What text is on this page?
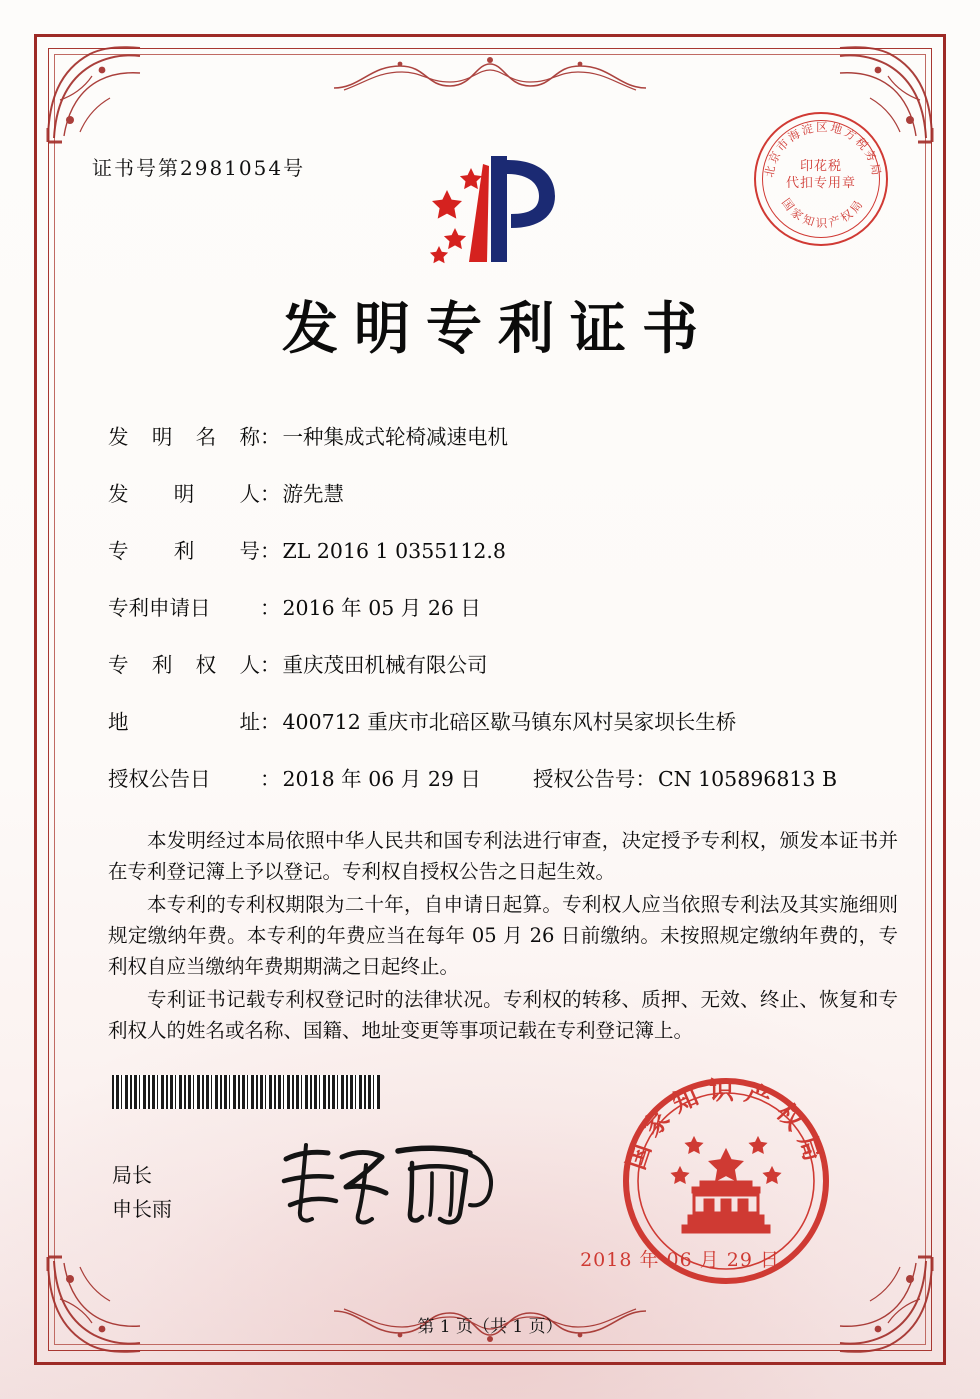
证书号第2981054号	北京市海淀区地方税务局
国家知识产权局
印花税
代扣专用章
发明专利证书
发 明 名 称 ： 一种集成式轮椅减速电机
发 明 人 ： 游先慧
专 利 号 ： ZL 2016 1 0355112.8
专利申请日 ： 2016 年 05 月 26 日
专 利 权 人 ： 重庆茂田机械有限公司
地	址 ： 400712 重庆市北碚区歇马镇东风村吴家坝长生桥
授权公告日	： 2018 年 06 月 29 日	授权公告号 ： CN 105896813 B

本发明经过本局依照中华人民共和国专利法进行审查，决定授予专利权，颁发本证书并在专利登记簿上予以登记。专利权自授权公告之日起生效。

本专利的专利权期限为二十年，自申请日起算。专利权人应当依照专利法及其实施细则规定缴纳年费。本专利的年费应当在每年 05 月 26 日前缴纳。未按照规定缴纳年费的，专利权自应当缴纳年费期期满之日起终止。

专利证书记载专利权登记时的法律状况。专利权的转移、质押、无效、终止、恢复和专利权人的姓名或名称、国籍、地址变更等事项记载在专利登记簿上。

局长
申长雨
国家知识产权局
2018 年 06 月 29 日
第 1 页（共 1 页）
